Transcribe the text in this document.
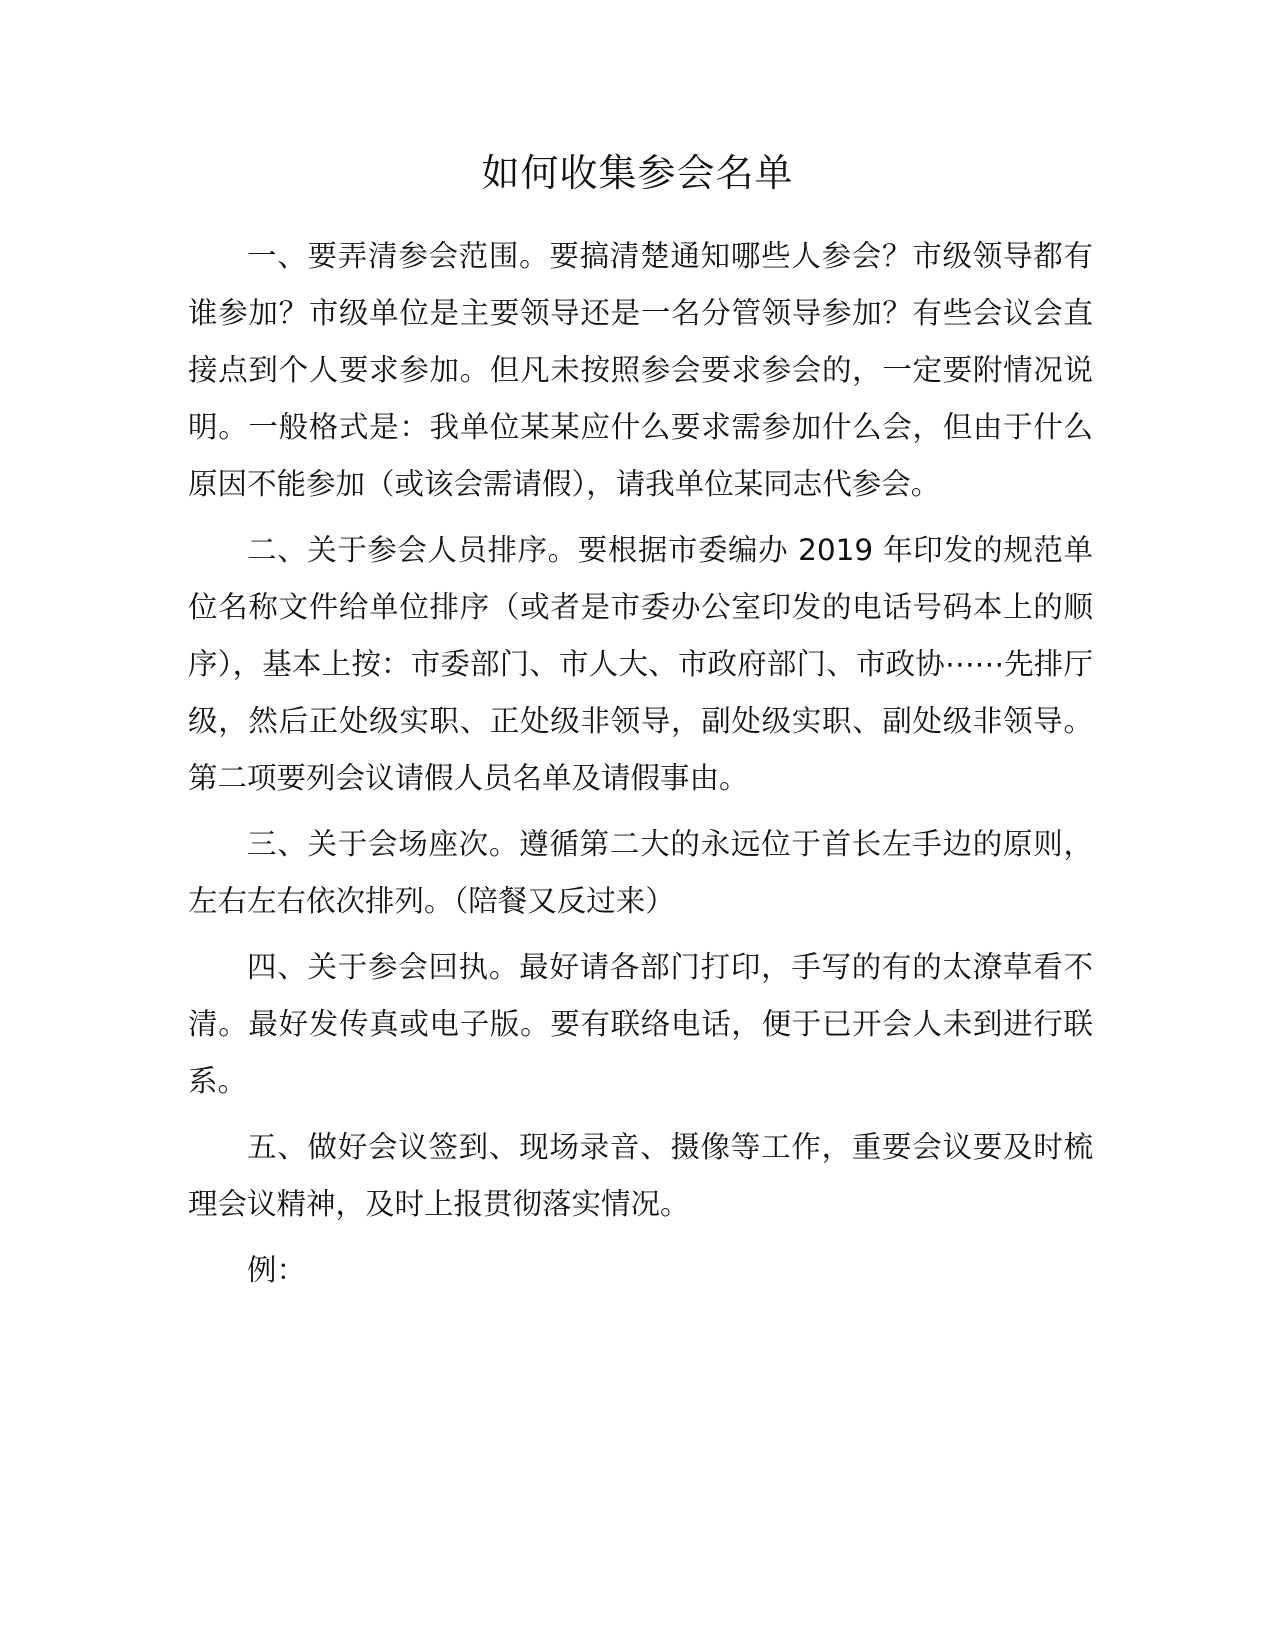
如何收集参会名单

一、要弄清参会范围。要搞清楚通知哪些人参会？市级领导都有谁参加？市级单位是主要领导还是一名分管领导参加？有些会议会直接点到个人要求参加。但凡未按照参会要求参会的，一定要附情况说明。一般格式是：我单位某某应什么要求需参加什么会，但由于什么原因不能参加（或该会需请假），请我单位某同志代参会。

二、关于参会人员排序。要根据市委编办 2019 年印发的规范单位名称文件给单位排序（或者是市委办公室印发的电话号码本上的顺序），基本上按：市委部门、市人大、市政府部门、市政协⋯⋯先排厅级，然后正处级实职、正处级非领导，副处级实职、副处级非领导。第二项要列会议请假人员名单及请假事由。

三、关于会场座次。遵循第二大的永远位于首长左手边的原则，左右左右依次排列。（陪餐又反过来）

四、关于参会回执。最好请各部门打印，手写的有的太潦草看不清。最好发传真或电子版。要有联络电话，便于已开会人未到进行联系。

五、做好会议签到、现场录音、摄像等工作，重要会议要及时梳理会议精神，及时上报贯彻落实情况。

例：
